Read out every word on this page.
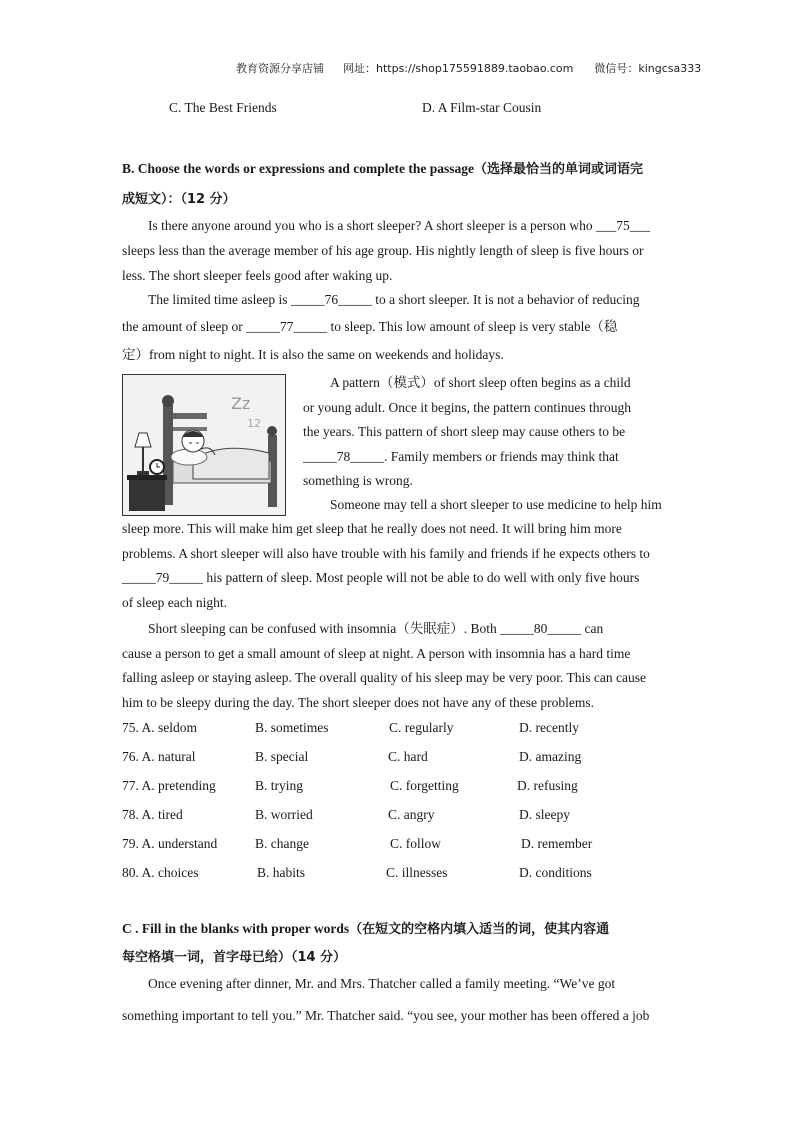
教育资源分享店铺 网址：https://shop175591889.taobao.com 微信号：kingcsa333
C. The Best Friends	D. A Film-star Cousin
B. Choose the words or expressions and complete the passage（选择最恰当的单词或词语完
成短文）：（12 分）
Is there anyone around you who is a short sleeper? A short sleeper is a person who ___75___
sleeps less than the average member of his age group. His nightly length of sleep is five hours or
less. The short sleeper feels good after waking up.
The limited time asleep is _____76_____ to a short sleeper. It is not a behavior of reducing
the amount of sleep or _____77_____ to sleep. This low amount of sleep is very stable（稳
定）from night to night. It is also the same on weekends and holidays.
Zz
12
A pattern（模式）of short sleep often begins as a child
or young adult. Once it begins, the pattern continues through
the years. This pattern of short sleep may cause others to be
_____78_____. Family members or friends may think that
something is wrong.
Someone may tell a short sleeper to use medicine to help him
sleep more. This will make him get sleep that he really does not need. It will bring him more
problems. A short sleeper will also have trouble with his family and friends if he expects others to
_____79_____ his pattern of sleep. Most people will not be able to do well with only five hours
of sleep each night.
Short sleeping can be confused with insomnia（失眠症）. Both _____80_____ can
cause a person to get a small amount of sleep at night. A person with insomnia has a hard time
falling asleep or staying asleep. The overall quality of his sleep may be very poor. This can cause
him to be sleepy during the day. The short sleeper does not have any of these problems.
75. A. seldom	B. sometimes	C. regularly	D. recently
76. A. natural	B. special	C. hard	D. amazing
77. A. pretending	B. trying	C. forgetting	D. refusing
78. A. tired	B. worried	C. angry	D. sleepy
79. A. understand	B. change	C. follow	D. remember
80. A. choices	B. habits	C. illnesses	D. conditions
C . Fill in the blanks with proper words（在短文的空格内填入适当的词，使其内容通
每空格填一词，首字母已给）（14 分）
Once evening after dinner, Mr. and Mrs. Thatcher called a family meeting. “We’ve got
something important to tell you.” Mr. Thatcher said. “you see, your mother has been offered a job
